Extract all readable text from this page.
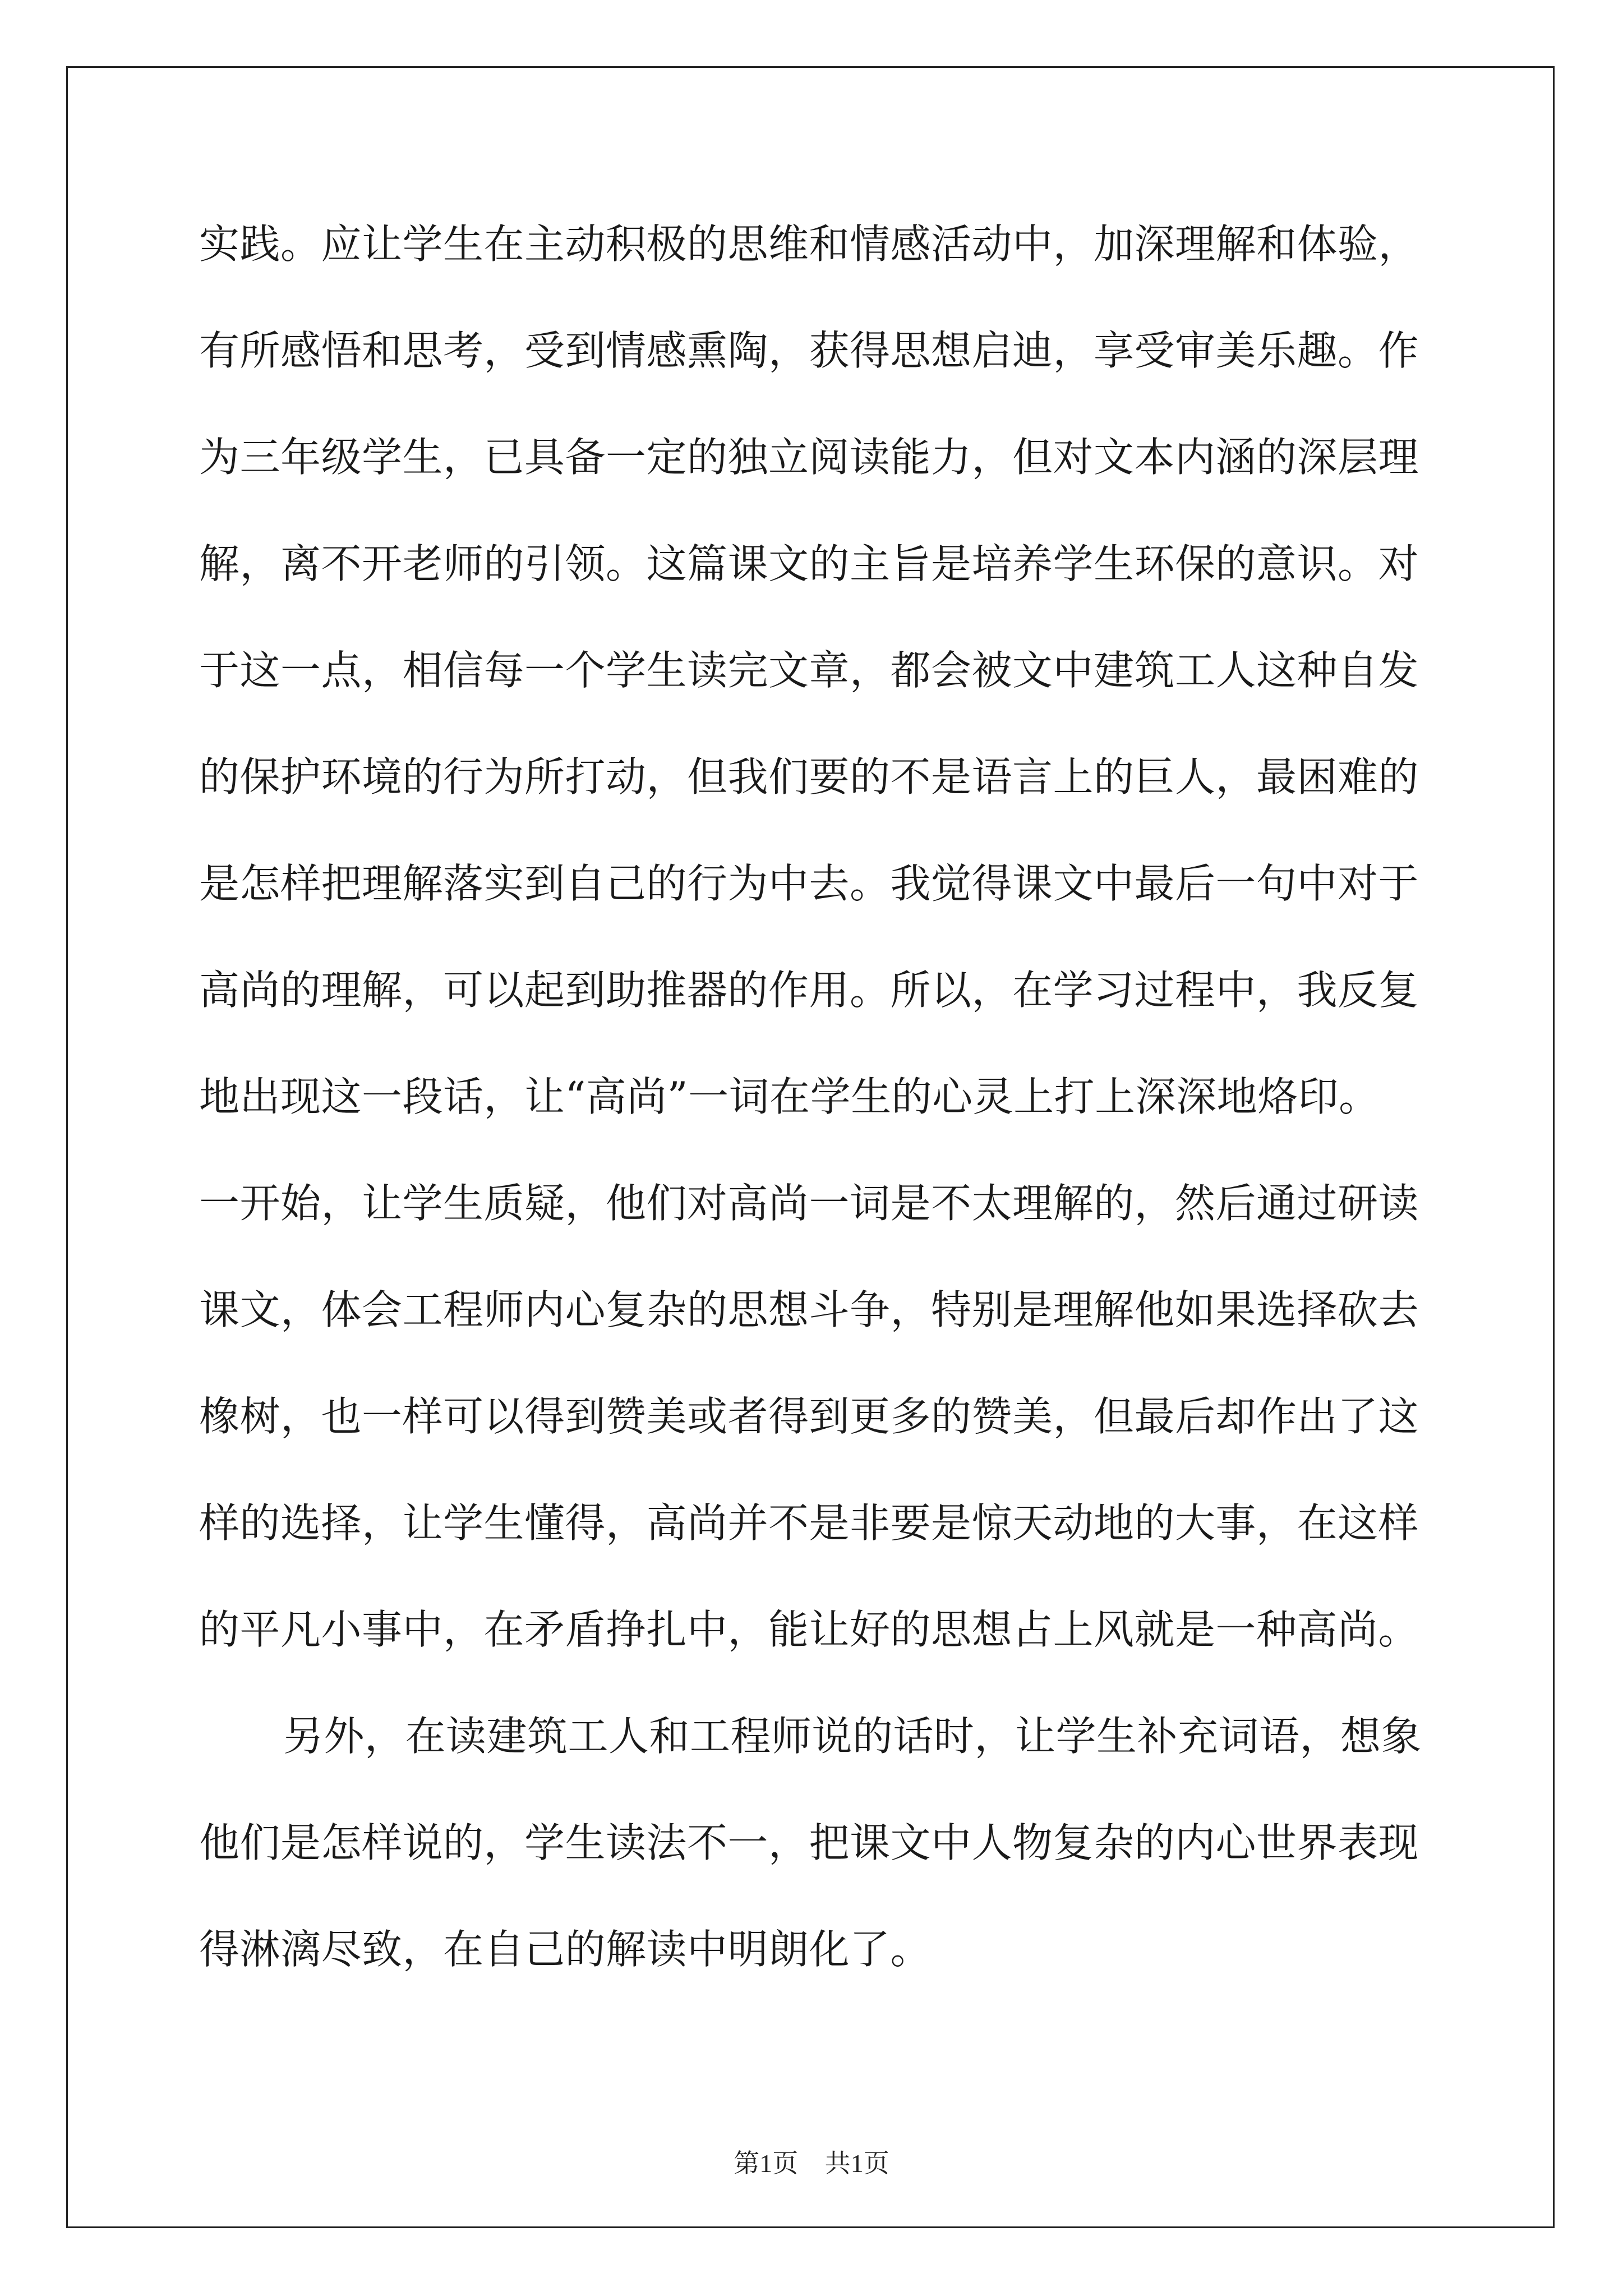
实践。应让学生在主动积极的思维和情感活动中，加深理解和体验，
有所感悟和思考，受到情感熏陶，获得思想启迪，享受审美乐趣。作
为三年级学生，已具备一定的独立阅读能力，但对文本内涵的深层理
解，离不开老师的引领。这篇课文的主旨是培养学生环保的意识。对
于这一点，相信每一个学生读完文章，都会被文中建筑工人这种自发
的保护环境的行为所打动，但我们要的不是语言上的巨人，最困难的
是怎样把理解落实到自己的行为中去。我觉得课文中最后一句中对于
高尚的理解，可以起到助推器的作用。所以，在学习过程中，我反复
地出现这一段话，让“高尚”一词在学生的心灵上打上深深地烙印。
一开始，让学生质疑，他们对高尚一词是不太理解的，然后通过研读
课文，体会工程师内心复杂的思想斗争，特别是理解他如果选择砍去
橡树，也一样可以得到赞美或者得到更多的赞美，但最后却作出了这
样的选择，让学生懂得，高尚并不是非要是惊天动地的大事，在这样
的平凡小事中，在矛盾挣扎中，能让好的思想占上风就是一种高尚。
另外，在读建筑工人和工程师说的话时，让学生补充词语，想象
他们是怎样说的，学生读法不一，把课文中人物复杂的内心世界表现
得淋漓尽致，在自己的解读中明朗化了。
第1页 共1页
